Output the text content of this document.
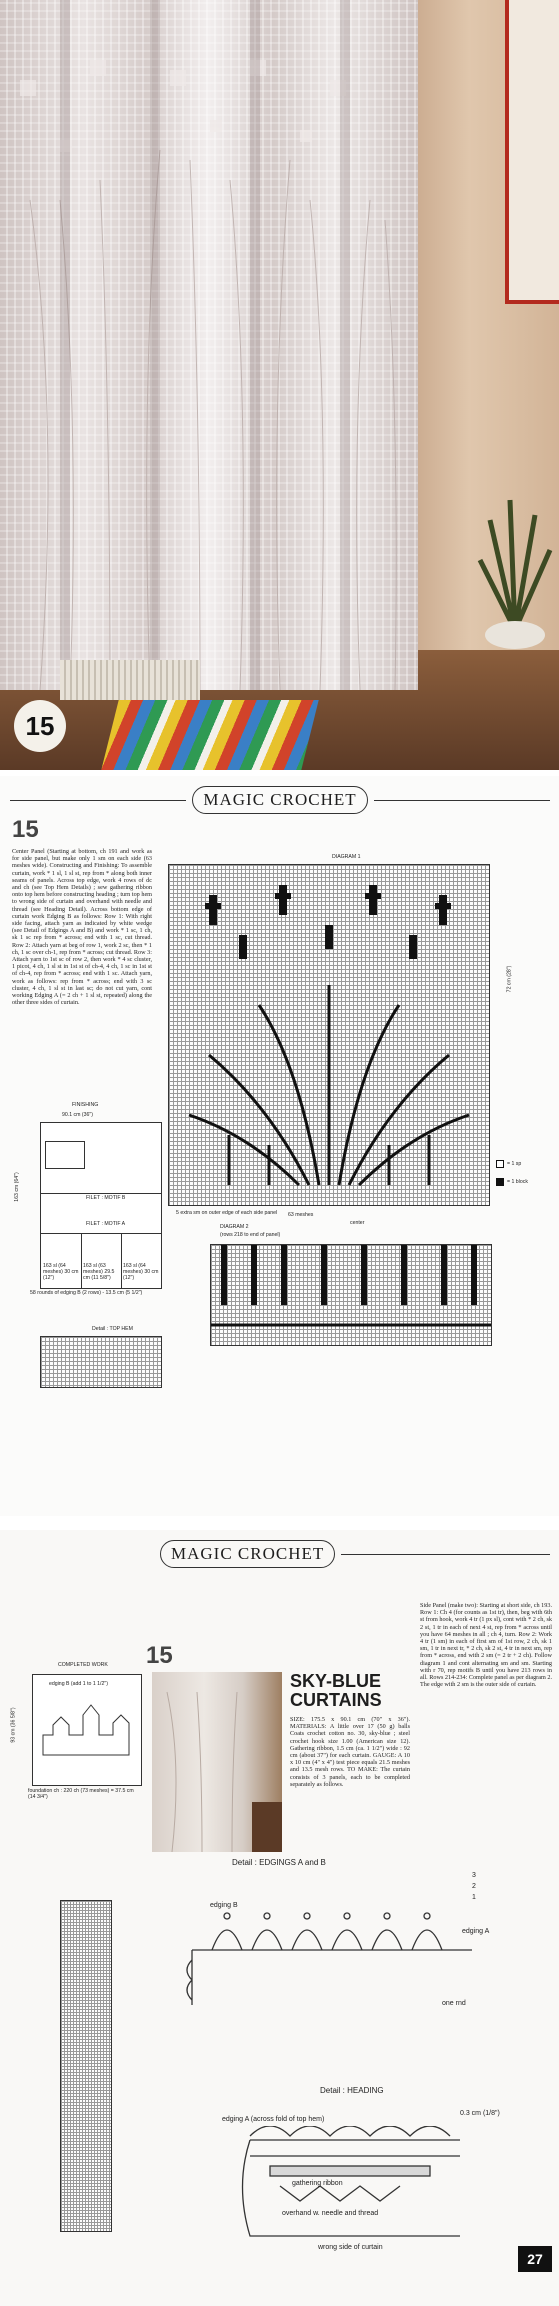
15
MAGIC CROCHET
15
Center Panel (Starting at bottom, ch 191 and work as for side panel, but make only 1 sm on each side (63 meshes wide). Constructing and Finishing: To assemble curtain, work * 1 sl, 1 sl st, rep from * along both inner seams of panels. Across top edge, work 4 rows of dc and ch (see Top Hem Details) ; sew gathering ribbon onto top hem before constructing heading ; turn top hem to wrong side of curtain and overhand with needle and thread (see Heading Detail). Across bottom edge of curtain work Edging B as follows: Row 1: With right side facing, attach yarn as indicated by white wedge (see Detail of Edgings A and B) and work * 1 sc, 1 ch, sk 1 sc rep from * across; end with 1 sc, cut thread. Row 2: Attach yarn at beg of row 1, work 2 sc, then * 1 ch, 1 sc over ch-1, rep from * across; cut thread. Row 3: Attach yarn to 1st sc of row 2, then work * 4 sc cluster, 1 picot, 4 ch, 1 sl st in 1st st of ch-4, 4 ch, 1 sc in 1st st of ch-4, rep from * across; end with 1 sc. Attach yarn, work as follows: rep from * across; end with 3 sc cluster, 4 ch, 1 sl st in last sc; do not cut yarn, cont working Edging A (= 2 ch + 1 sl st, repeated) along the other three sides of curtain.
DIAGRAM 1
72 cm (28")
5 extra sm on outer edge of each side panel 63 meshes
center
= 1 sp
= 1 block
FINISHING
90.1 cm (36")
FILET : MOTIF B
FILET : MOTIF A
163 sl (64 meshes) 30 cm (12")
163 sl (63 meshes) 29.5 cm (11 5/8")
163 sl (64 meshes) 30 cm (12")
163 cm (64")
58 rounds of edging B (2 rows) - 13.5 cm (5 1/2")
Detail : TOP HEM
DIAGRAM 2
(rows 218 to end of panel)
MAGIC CROCHET
15
COMPLETED WORK
edging B (add 1 to 1 1/2")
93 cm (36 5/8")
foundation ch : 220 ch (73 meshes) = 37.5 cm (14 3/4")
SKY-BLUE
CURTAINS
SIZE: 175.5 x 90.1 cm (70" x 36"). MATERIALS: A little over 17 (50 g) balls Coats crochet cotton no. 30, sky-blue ; steel crochet hook size 1.00 (American size 12). Gathering ribbon, 1.5 cm (ca. 1 1/2") wide : 92 cm (about 37") for each curtain. GAUGE: A 10 x 10 cm (4" x 4") test piece equals 21.5 meshes and 13.5 mesh rows. TO MAKE: The curtain consists of 3 panels, each to be completed separately as follows.
Side Panel (make two): Starting at short side, ch 193. Row 1: Ch 4 (for counts as 1st tr), then, beg with 6th st from hook, work 4 tr (1 px sl), cont with * 2 ch, sk 2 st, 1 tr in each of next 4 st, rep from * across until you have 64 meshes in all ; ch 4, turn. Row 2: Work 4 tr (1 sm) in each of first sm of 1st row, 2 ch, sk 1 sm, 1 tr in next tr, * 2 ch, sk 2 st, 4 tr in next sm, rep from * across, end with 2 sm (= 2 tr + 2 ch). Follow diagram 1 and cont alternating sm and sm. Starting with r 70, rep motifs B until you have 213 rows in all. Rows 214-234: Complete panel as per diagram 2. The edge with 2 sm is the outer side of curtain.
Detail : EDGINGS A and B
edging B
edging A
one rnd
3
2
1
Detail : HEADING
edging A (across fold of top hem)
0.3 cm (1/8")
gathering ribbon
overhand w. needle and thread
wrong side of curtain
27
